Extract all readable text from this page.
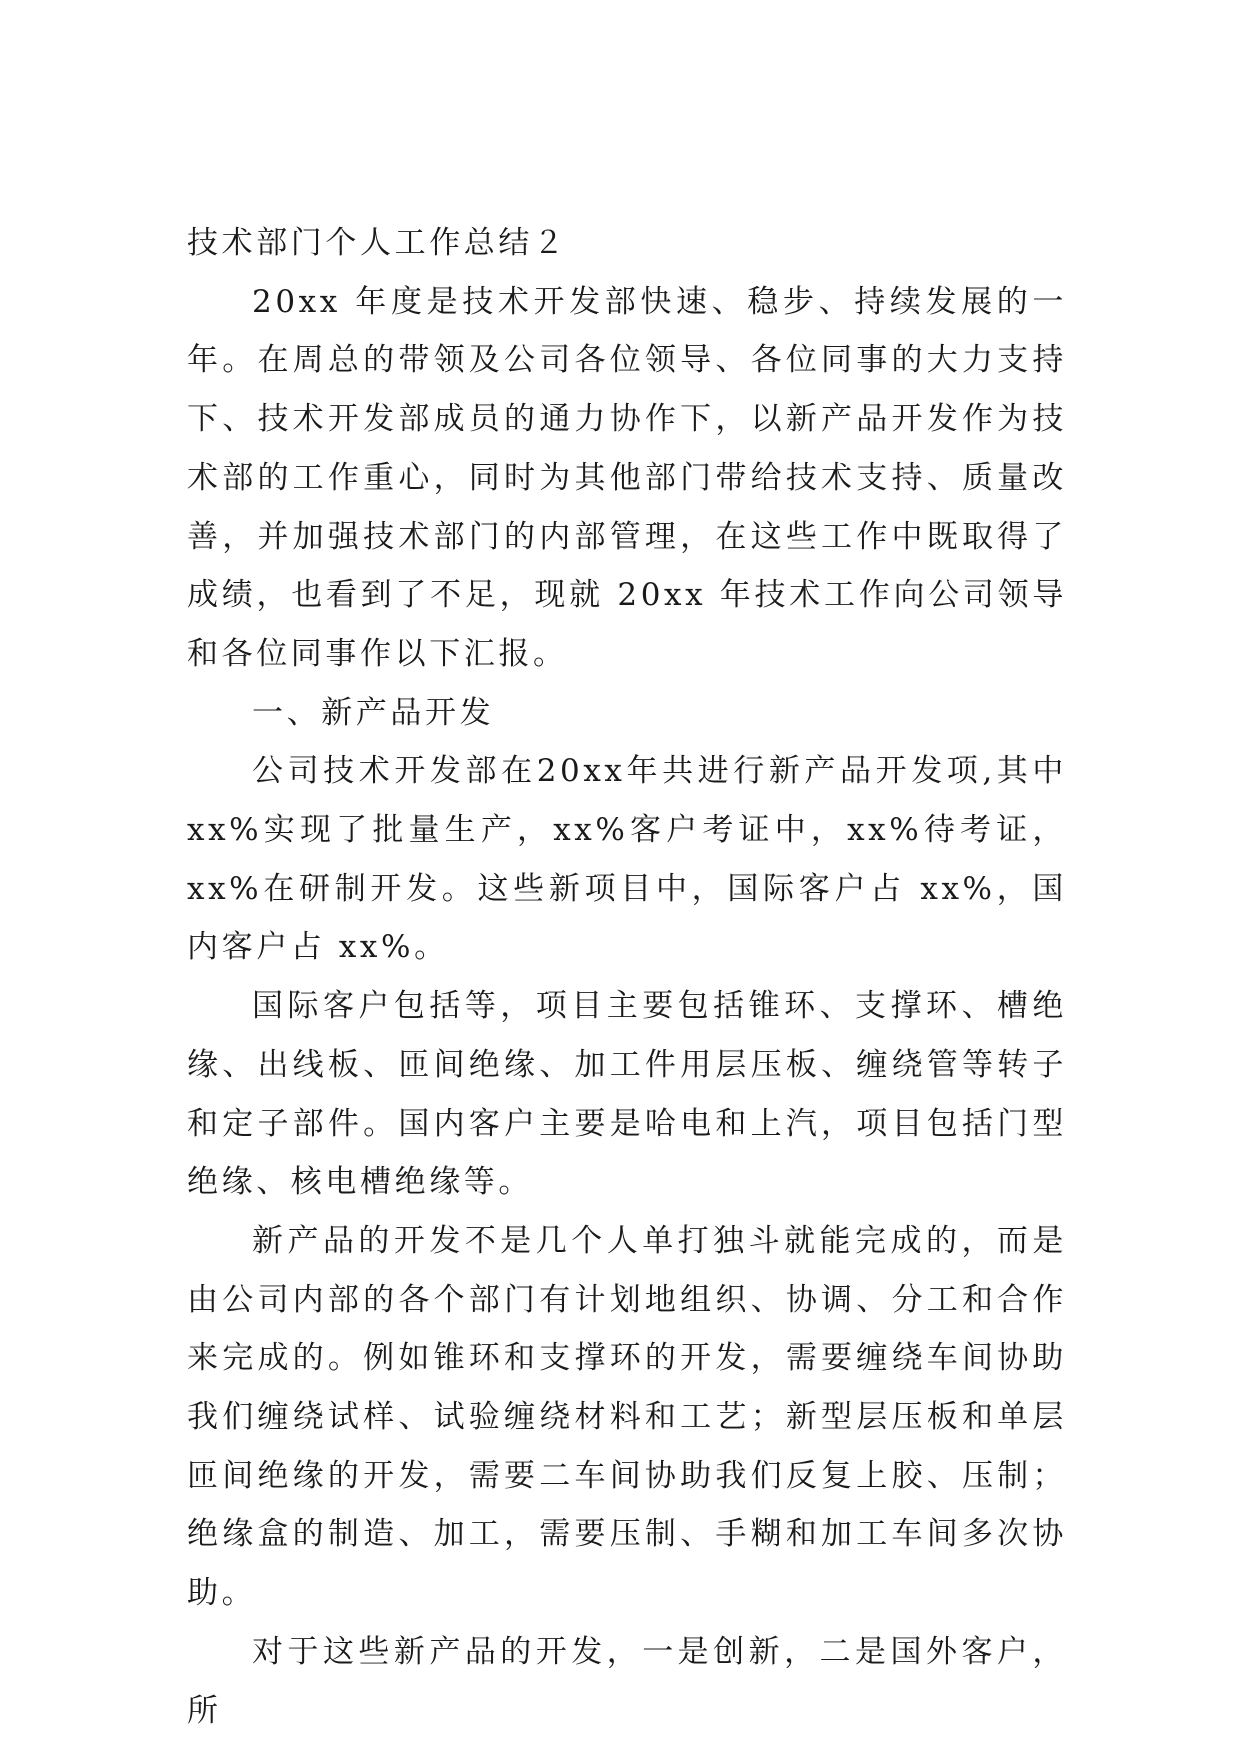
技术部门个人工作总结２

20xx 年度是技术开发部快速、稳步、持续发展的一年。在周总的带领及公司各位领导、各位同事的大力支持下、技术开发部成员的通力协作下，以新产品开发作为技术部的工作重心，同时为其他部门带给技术支持、质量改善，并加强技术部门的内部管理，在这些工作中既取得了成绩，也看到了不足，现就 20xx 年技术工作向公司领导和各位同事作以下汇报。

一、新产品开发

公司技术开发部在20xx年共进行新产品开发项,其中xx%实现了批量生产，xx%客户考证中，xx%待考证，xx%在研制开发。这些新项目中，国际客户占 xx%，国内客户占 xx%。

国际客户包括等，项目主要包括锥环、支撑环、槽绝缘、出线板、匝间绝缘、加工件用层压板、缠绕管等转子和定子部件。国内客户主要是哈电和上汽，项目包括门型绝缘、核电槽绝缘等。

新产品的开发不是几个人单打独斗就能完成的，而是由公司内部的各个部门有计划地组织、协调、分工和合作来完成的。例如锥环和支撑环的开发，需要缠绕车间协助我们缠绕试样、试验缠绕材料和工艺；新型层压板和单层匝间绝缘的开发，需要二车间协助我们反复上胶、压制；绝缘盒的制造、加工，需要压制、手糊和加工车间多次协助。

对于这些新产品的开发，一是创新，二是国外客户，所
